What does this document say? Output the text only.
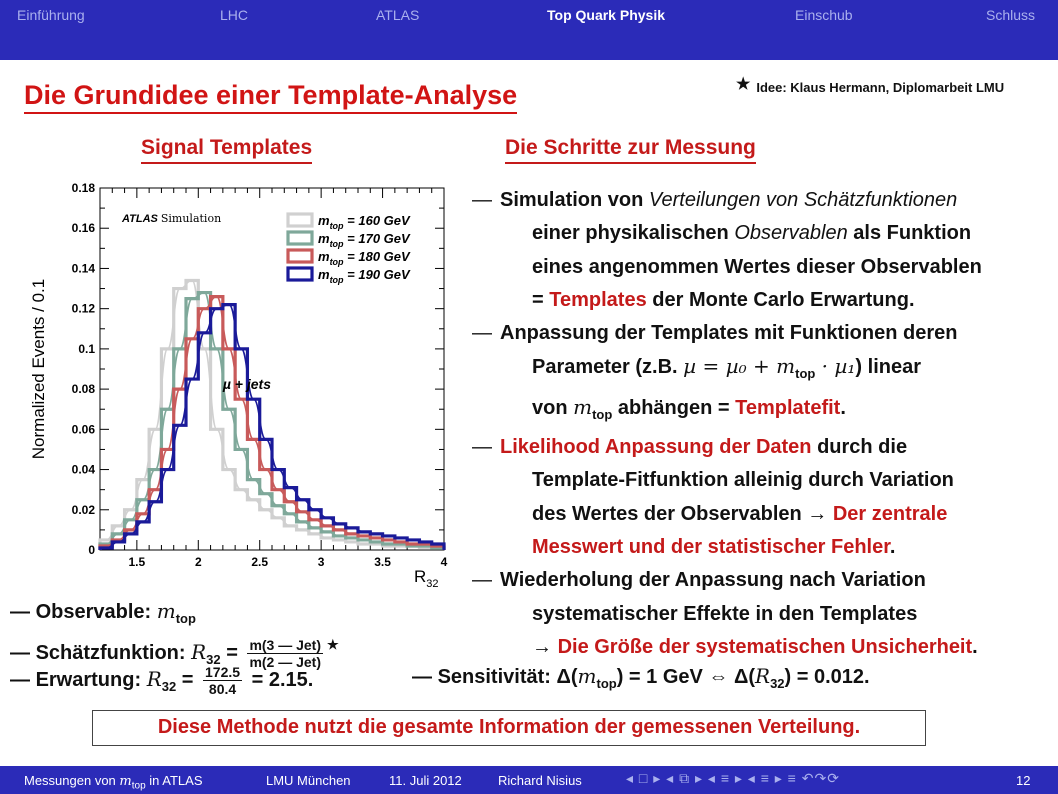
Einführung	LHC	ATLAS	Top Quark Physik	Einschub	Schluss
Die Grundidee einer Template-Analyse	★ Idee: Klaus Hermann, Diplomarbeit LMU
Signal Templates	Die Schritte zur Messung
0
0.02
0.04
0.06
0.08
0.1
0.12
0.14
0.16
0.18
1.5	2	2.5	3	3.5	4
Normalized Events / 0.1
$R_{32}$
ATLAS Simulation
µ + jets
$m_{top} = 160$ GeV
$m_{top} = 170$ GeV
$m_{top} = 180$ GeV
$m_{top} = 190$ GeV
— Simulation von Verteilungen von Schätzfunktionen
einer physikalischen Observablen als Funktion
eines angenommen Wertes dieser Observablen
= Templates der Monte Carlo Erwartung.
— Anpassung der Templates mit Funktionen deren
Parameter (z.B. $\mu = \mu_0 + m_{top} \cdot \mu_1$) linear
von $m_{top}$ abhängen = Templatefit.
— Likelihood Anpassung der Daten durch die
Template-Fitfunktion alleinig durch Variation
des Wertes der Observablen → Der zentrale
Messwert und der statistischer Fehler.
— Wiederholung der Anpassung nach Variation
systematischer Effekte in den Templates
→ Die Größe der systematischen Unsicherheit.
— Observable: $m_{top}$
— Schätzfunktion: $R_{32} = \frac{\text{m(3 — Jet)}}{\text{m(2 — Jet)}} ^★$
— Erwartung: $R_{32} = \frac{172.5}{80.4} = 2.15$.	— Sensitivität: $\Delta(m_{top}) = 1$ GeV ⇔ $\Delta(R_{32}) = 0.012$.
Diese Methode nutzt die gesamte Information der gemessenen Verteilung.
Messungen von $m_{top}$ in ATLAS	LMU München	11. Juli 2012	Richard Nisius	◂ □ ▸ ◂ ⧉ ▸ ◂ ≡ ▸ ◂ ≡ ▸ ≡ ↶↷⟳	12
